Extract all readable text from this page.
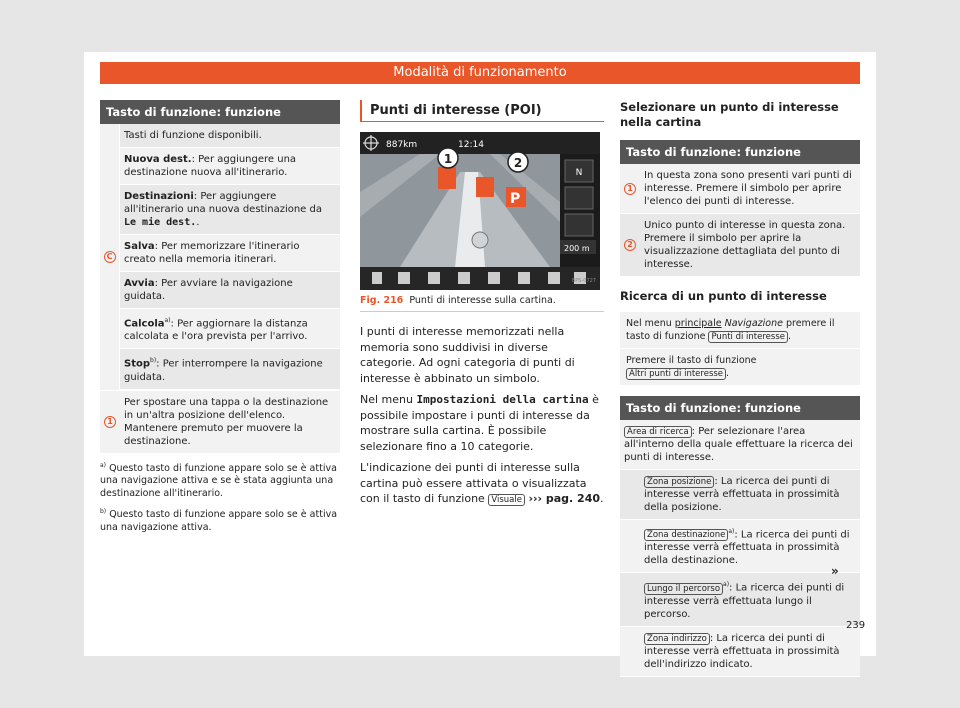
Modalità di funzionamento
Tasto di funzione: funzione
C
Tasti di funzione disponibili.
Nuova dest.: Per aggiungere una destinazione nuova all'itinerario.
Destinazioni: Per aggiungere all'itinerario una nuova destinazione da Le mie dest..
Salva: Per memorizzare l'itinerario creato nella memoria itinerari.
Avvia: Per avviare la navigazione guidata.
Calcola$^{a)}$: Per aggiornare la distanza calcolata e l'ora prevista per l'arrivo.
Stop$^{b)}$: Per interrompere la navigazione guidata.
1
Per spostare una tappa o la destinazione in un'altra posizione dell'elenco. Mantenere premuto per muovere la destinazione.
$^{a)}$ Questo tasto di funzione appare solo se è attiva una navigazione attiva e se è stata aggiunta una destinazione all'itinerario.
$^{b)}$ Questo tasto di funzione appare solo se è attiva una navigazione attiva.
Punti di interesse (POI)
887km	12:14
N
200 m
P
1	2
BPS-0727
Fig. 216 Punti di interesse sulla cartina.

I punti di interesse memorizzati nella memoria sono suddivisi in diverse categorie. Ad ogni categoria di punti di interesse è abbinato un simbolo.

Nel menu Impostazioni della cartina è possibile impostare i punti di interesse da mostrare sulla cartina. È possibile selezionare fino a 10 categorie.

L'indicazione dei punti di interesse sulla cartina può essere attivata o visualizzata con il tasto di funzione Visuale ››› pag. 240.

Selezionare un punto di interesse nella cartina
Tasto di funzione: funzione
1
In questa zona sono presenti vari punti di interesse. Premere il simbolo per aprire l'elenco dei punti di interesse.
2
Unico punto di interesse in questa zona. Premere il simbolo per aprire la visualizzazione dettagliata del punto di interesse.
Ricerca di un punto di interesse
Nel menu principale Navigazione premere il tasto di funzione Punti di interesse .
Premere il tasto di funzione Altri punti di interesse .
Tasto di funzione: funzione
Area di ricerca : Per selezionare l'area all'interno della quale effettuare la ricerca dei punti di interesse.
Zona posizione : La ricerca dei punti di interesse verrà effettuata in prossimità della posizione.
Zona destinazione $^{a)}$: La ricerca dei punti di interesse verrà effettuata in prossimità della destinazione.
Lungo il percorso $^{a)}$: La ricerca dei punti di interesse verrà effettuata lungo il percorso.
Zona indirizzo : La ricerca dei punti di interesse verrà effettuata in prossimità dell'indirizzo indicato.
»
239
